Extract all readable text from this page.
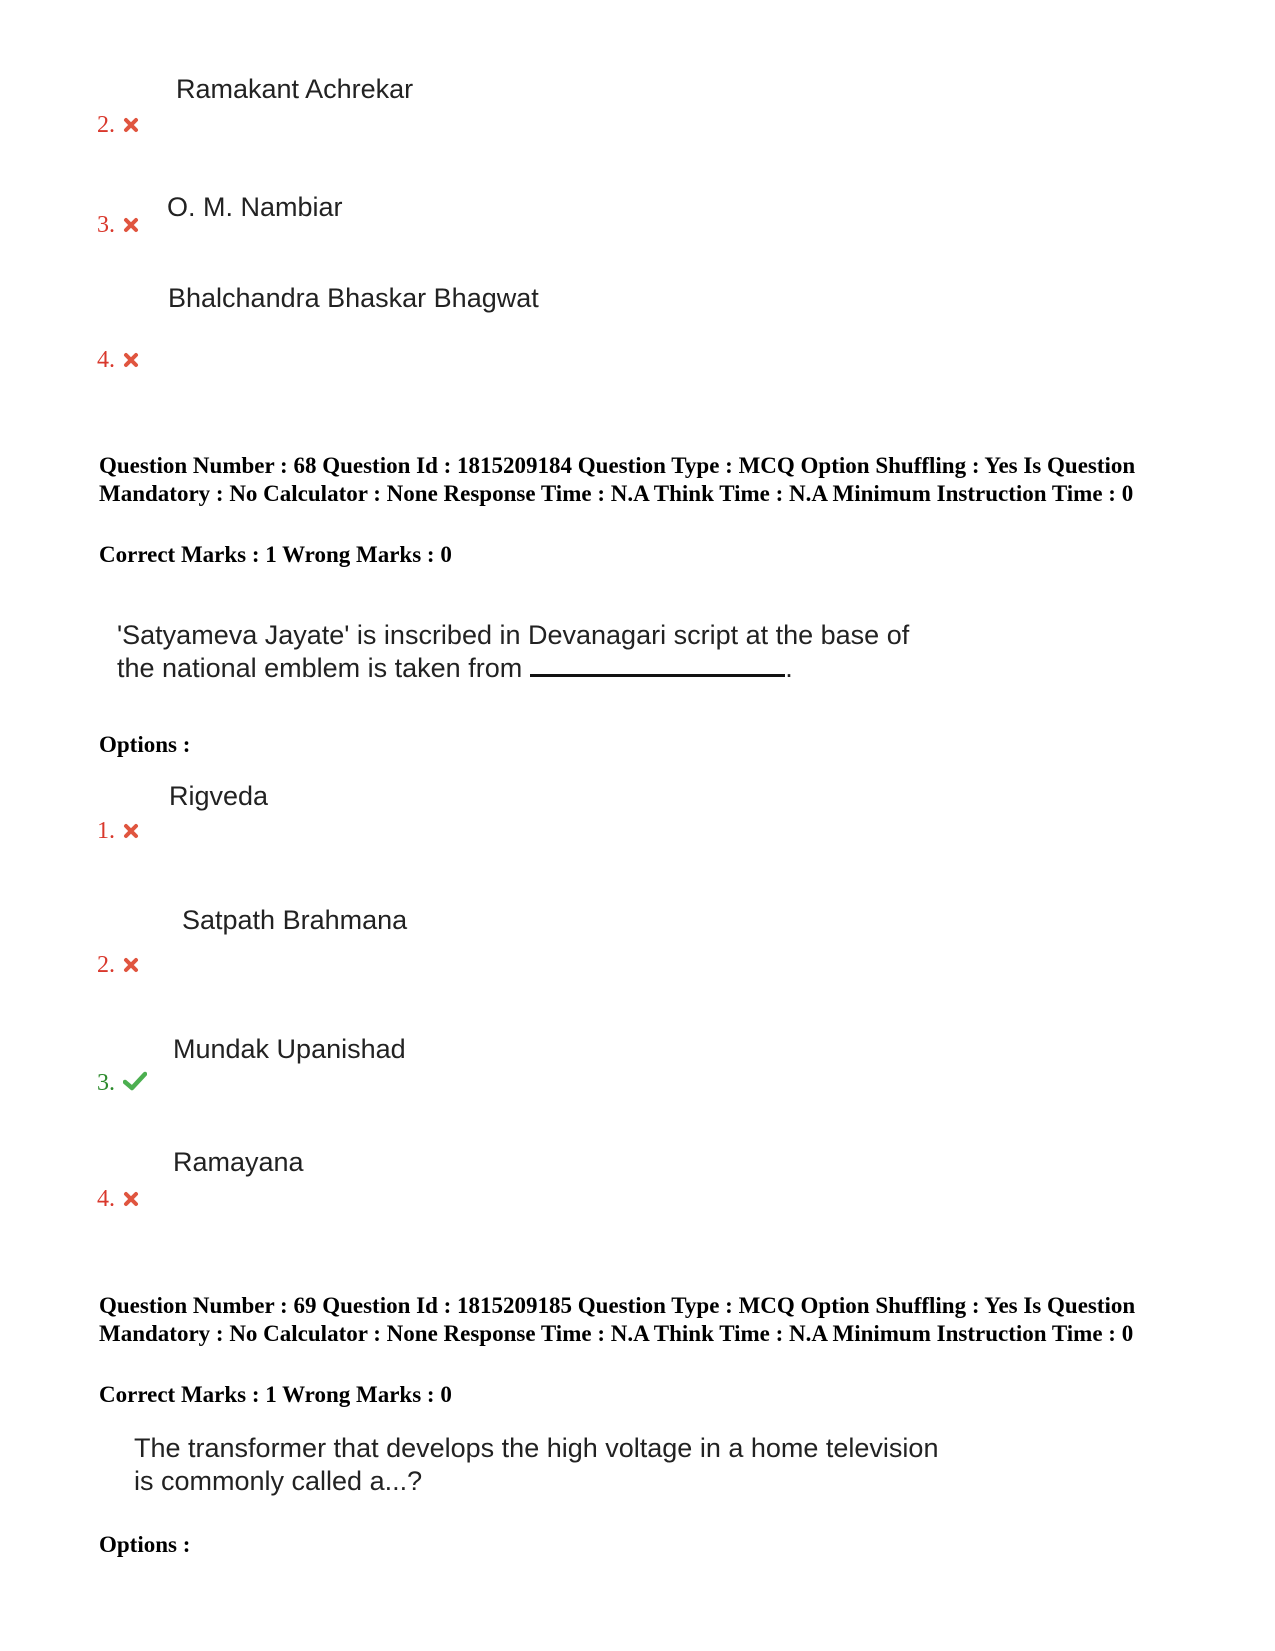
Ramakant Achrekar
2.
O. M. Nambiar
3.
Bhalchandra Bhaskar Bhagwat
4.
Question Number : 68 Question Id : 1815209184 Question Type : MCQ Option Shuffling : Yes Is Question Mandatory : No Calculator : None Response Time : N.A Think Time : N.A Minimum Instruction Time : 0
Correct Marks : 1 Wrong Marks : 0
'Satyameva Jayate' is inscribed in Devanagari script at the base of
the national emblem is taken from	.
Options :
Rigveda
1.
Satpath Brahmana
2.
Mundak Upanishad
3.
Ramayana
4.
Question Number : 69 Question Id : 1815209185 Question Type : MCQ Option Shuffling : Yes Is Question Mandatory : No Calculator : None Response Time : N.A Think Time : N.A Minimum Instruction Time : 0
Correct Marks : 1 Wrong Marks : 0
The transformer that develops the high voltage in a home television
is commonly called a...?
Options :
